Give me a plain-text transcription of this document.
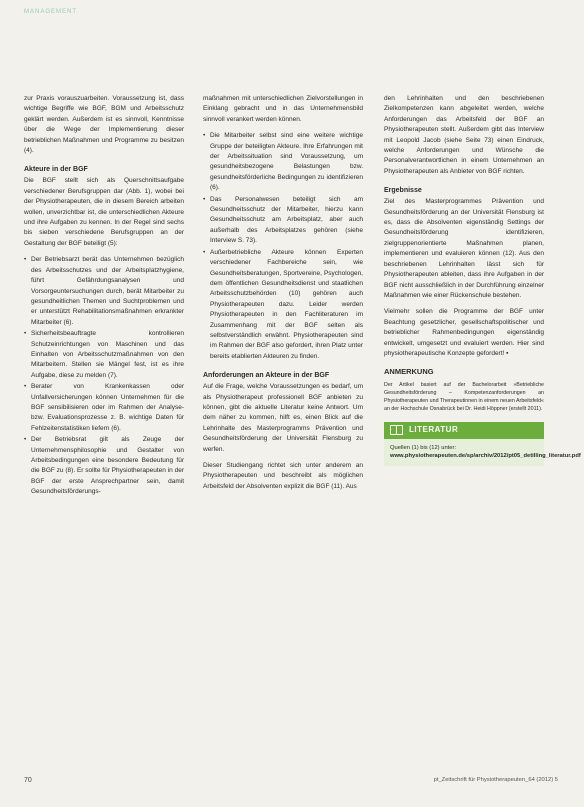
MANAGEMENT

zur Praxis vorauszuarbeiten. Voraussetzung ist, dass wichtige Begriffe wie BGF, BGM und Arbeitsschutz geklärt werden. Außerdem ist es sinnvoll, Kenntnisse über die Wege der Implementierung dieser betrieblichen Maßnahmen und Programme zu besitzen (4).

Akteure in der BGF

Die BGF stellt sich als Querschnittsaufgabe verschiedener Berufsgruppen dar (Abb. 1), wobei bei der Physiotherapeuten, die in diesem Bereich arbeiten wollen, unverzichtbar ist, die unterschiedlichen Akteure und ihre Aufgaben zu kennen. In der Regel sind sechs bis sieben verschiedene Berufsgruppen an der Gestaltung der BGF beteiligt (5):

• Der Betriebsarzt berät das Unternehmen bezüglich des Arbeitsschutzes und der Arbeitsplatzhygiene, führt Gefährdungsanalysen und Vorsorgeuntersuchungen durch, berät Mitarbeiter zu gesundheitlichen Themen und Suchtproblemen und er unterstützt Rehabilitationsmaßnahmen erkrankter Mitarbeiter (6).
• Sicherheitsbeauftragte kontrollieren Schutzeinrichtungen von Maschinen und das Einhalten von Arbeitsschutzmaßnahmen von den Mitarbeitern. Stellen sie Mängel fest, ist es ihre Aufgabe, diese zu melden (7).
• Berater von Krankenkassen oder Unfallversicherungen können Unternehmen für die BGF sensibilisieren oder im Rahmen der Analyse- bzw. Evaluationsprozesse z. B. wichtige Daten für Fehlzeitenstatistiken liefern (6).
• Der Betriebsrat gilt als Zeuge der Unternehmensphilosophie und Gestalter von Arbeitsbedingungen eine besondere Bedeutung für die BGF zu (8). Er sollte für Physiotherapeuten in der BGF der erste Ansprechpartner sein, damit Gesundheitsförderungs-

maßnahmen mit unterschiedlichen Zielvorstellungen in Einklang gebracht und in das Unternehmensbild sinnvoll verankert werden können.

• Die Mitarbeiter selbst sind eine weitere wichtige Gruppe der beteiligten Akteure. Ihre Erfahrungen mit der Arbeitssituation sind Voraussetzung, um gesundheitsbezogene Belastungen bzw. gesundheitsförderliche Bedingungen zu identifizieren (6).
• Das Personalwesen beteiligt sich am Gesundheitsschutz der Mitarbeiter, hierzu kann Gesundheitsschutz am Arbeitsplatz, aber auch außerhalb des Arbeitsplatzes gehören (siehe Interview S. 73).
• Außerbetriebliche Akteure können Experten verschiedener Fachbereiche sein, wie Gesundheitsberatungen, Sportvereine, Psychologen, dem öffentlichen Gesundheitsdienst und staatlichen Arbeitsschutzbehörden (10) gehören auch Physiotherapeuten dazu. Leider werden Physiotherapeuten in den Fachliteraturen im Zusammenhang mit der BGF selten als selbstverständlich erwähnt. Physiotherapeuten sind im Rahmen der BGF also gefordert, ihren Platz unter bereits etablierten Akteuren zu finden.
Anforderungen an Akteure in der BGF

Auf die Frage, welche Voraussetzungen es bedarf, um als Physiotherapeut professionell BGF anbieten zu können, gibt die aktuelle Literatur keine Antwort. Um dem näher zu kommen, hilft es, einen Blick auf die Lehrinhalte des Masterprogramms Prävention und Gesundheitsförderung der Universität Flensburg zu werfen.

Dieser Studiengang richtet sich unter anderem an Physiotherapeuten und beschreibt als möglichen Arbeitsfeld der Absolventen explizit die BGF (11). Aus

den Lehrinhalten und den beschriebenen Zielkompetenzen kann abgeleitet werden, welche Anforderungen das Arbeitsfeld der BGF an Physiotherapeuten stellt. Außerdem gibt das Interview mit Leopold Jacob (siehe Seite 73) einen Eindruck, welche Anforderungen und Wünsche die Personalverantwortlichen in einem Unternehmen an Physiotherapeuten als Anbieter von BGF richten.

Ergebnisse

Ziel des Masterprogrammes Prävention und Gesundheitsförderung an der Universität Flensburg ist es, dass die Absolventen eigenständig Settings der Gesundheitsförderung identifizieren, zielgruppenorientierte Maßnahmen planen, implementieren und evaluieren können (12). Aus den beschriebenen Lehrinhalten lässt sich für Physiotherapeuten ableiten, dass ihre Aufgaben in der BGF nicht ausschließlich in der Durchführung einzelner Maßnahmen wie einer Rückenschule bestehen.

Vielmehr sollen die Programme der BGF unter Beachtung gesetzlicher, gesellschaftspolitischer und betrieblicher Rahmenbedingungen eigenständig entwickelt, umgesetzt und evaluiert werden. Hier sind physiotherapeutische Konzepte gefordert! ▪

ANMERKUNG
Der Artikel basiert auf der Bachelorarbeit »Betriebliche Gesundheitsförderung – Kompetenzanforderungen an Physiotherapeuten und Therapeutinnen in einem neuen Arbeitsfeld« an der Hochschule Osnabrück bei Dr. Heidi Höppner (erstellt 2011).
LITERATUR
Quellen (1) bis (12) unter:
www.physiotherapeuten.de/sp/archiv/2012/pt05_detilling_literatur.pdf
70	pt_Zeitschrift für Physiotherapeuten_64 (2012) 5
